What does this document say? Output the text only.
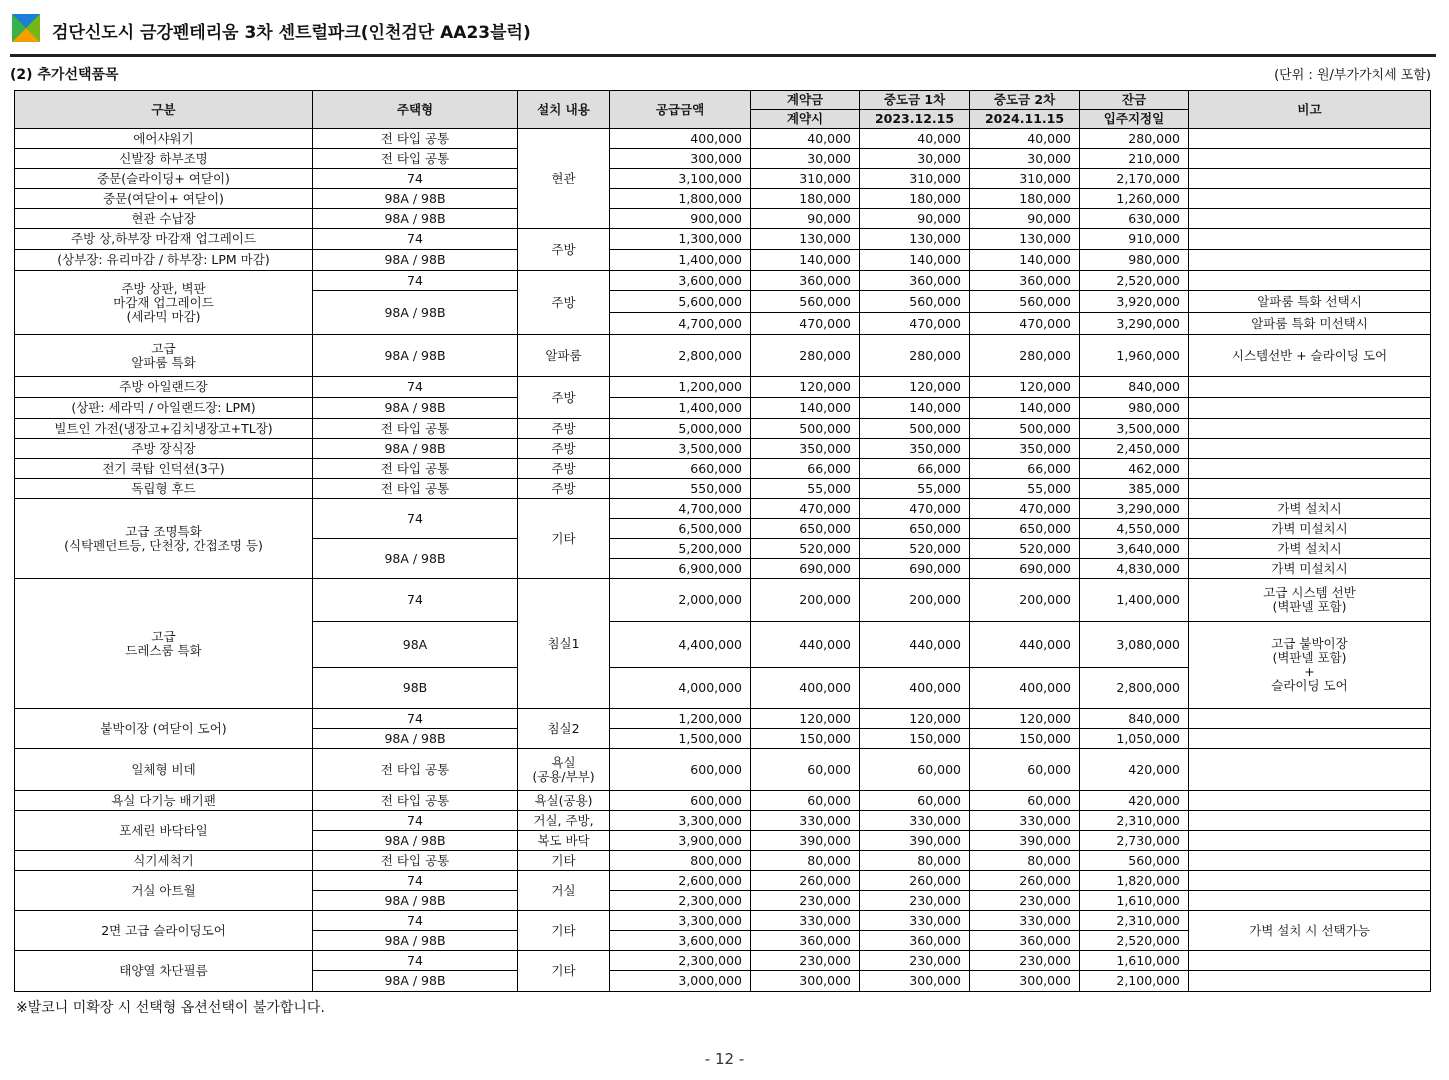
검단신도시 금강펜테리움 3차 센트럴파크(인천검단 AA23블럭)
(2) 추가선택품목	(단위 : 원/부가가치세 포함)
구분	주택형	설치 내용	공급금액	계약금	중도금 1차	중도금 2차	잔금	비고
				계약시	2023.12.15	2024.11.15	입주지정일	
에어샤워기	전 타입 공통	현관	400,000	40,000	40,000	40,000	280,000	
신발장 하부조명	전 타입 공통		300,000	30,000	30,000	30,000	210,000	
중문(슬라이딩+ 여닫이)	74		3,100,000	310,000	310,000	310,000	2,170,000	
중문(여닫이+ 여닫이)	98A / 98B		1,800,000	180,000	180,000	180,000	1,260,000	
현관 수납장	98A / 98B		900,000	90,000	90,000	90,000	630,000	
주방 상,하부장 마감재 업그레이드	74	주방	1,300,000	130,000	130,000	130,000	910,000	
(상부장: 유리마감 / 하부장: LPM 마감)	98A / 98B		1,400,000	140,000	140,000	140,000	980,000	

주방 상판, 벽판
마감재 업그레이드
(세라믹 마감)	74	주방	3,600,000	360,000	360,000	360,000	2,520,000	
	98A / 98B		5,600,000	560,000	560,000	560,000	3,920,000	알파룸 특화 선택시
			4,700,000	470,000	470,000	470,000	3,290,000	알파룸 특화 미선택시

고급
알파룸 특화	98A / 98B	알파룸	2,800,000	280,000	280,000	280,000	1,960,000	시스템선반 + 슬라이딩 도어
주방 아일랜드장	74	주방	1,200,000	120,000	120,000	120,000	840,000	
(상판: 세라믹 / 아일랜드장: LPM)	98A / 98B		1,400,000	140,000	140,000	140,000	980,000	
빌트인 가전(냉장고+김치냉장고+TL장)	전 타입 공통	주방	5,000,000	500,000	500,000	500,000	3,500,000	
주방 장식장	98A / 98B	주방	3,500,000	350,000	350,000	350,000	2,450,000	
전기 쿡탑 인덕션(3구)	전 타입 공통	주방	660,000	66,000	66,000	66,000	462,000	
독립형 후드	전 타입 공통	주방	550,000	55,000	55,000	55,000	385,000	

고급 조명특화
(식탁펜던트등, 단천장, 간접조명 등)	74	기타	4,700,000	470,000	470,000	470,000	3,290,000	가벽 설치시
			6,500,000	650,000	650,000	650,000	4,550,000	가벽 미설치시
	98A / 98B		5,200,000	520,000	520,000	520,000	3,640,000	가벽 설치시
			6,900,000	690,000	690,000	690,000	4,830,000	가벽 미설치시

고급
드레스룸 특화	74	침실1	2,000,000	200,000	200,000	200,000	1,400,000	고급 시스템 선반
(벽판넬 포함)

	98A		4,400,000	440,000	440,000	440,000	3,080,000	고급 붙박이장
(벽판넬 포함)
+
슬라이딩 도어

	98B		4,000,000	400,000	400,000	400,000	2,800,000	
붙박이장 (여닫이 도어)	74	침실2	1,200,000	120,000	120,000	120,000	840,000	
	98A / 98B		1,500,000	150,000	150,000	150,000	1,050,000	
일체형 비데	전 타입 공통	욕실
(공용/부부)	600,000	60,000	60,000	60,000	420,000	
욕실 다기능 배기팬	전 타입 공통	욕실(공용)	600,000	60,000	60,000	60,000	420,000	
포세린 바닥타일	74	거실, 주방,	3,300,000	330,000	330,000	330,000	2,310,000	
	98A / 98B	복도 바닥	3,900,000	390,000	390,000	390,000	2,730,000	
식기세척기	전 타입 공통	기타	800,000	80,000	80,000	80,000	560,000	
거실 아트월	74	거실	2,600,000	260,000	260,000	260,000	1,820,000	
	98A / 98B		2,300,000	230,000	230,000	230,000	1,610,000	
2면 고급 슬라이딩도어	74	기타	3,300,000	330,000	330,000	330,000	2,310,000	가벽 설치 시 선택가능
	98A / 98B		3,600,000	360,000	360,000	360,000	2,520,000	
태양열 차단필름	74	기타	2,300,000	230,000	230,000	230,000	1,610,000	
	98A / 98B		3,000,000	300,000	300,000	300,000	2,100,000	
※발코니 미확장 시 선택형 옵션선택이 불가합니다.
- 12 -
